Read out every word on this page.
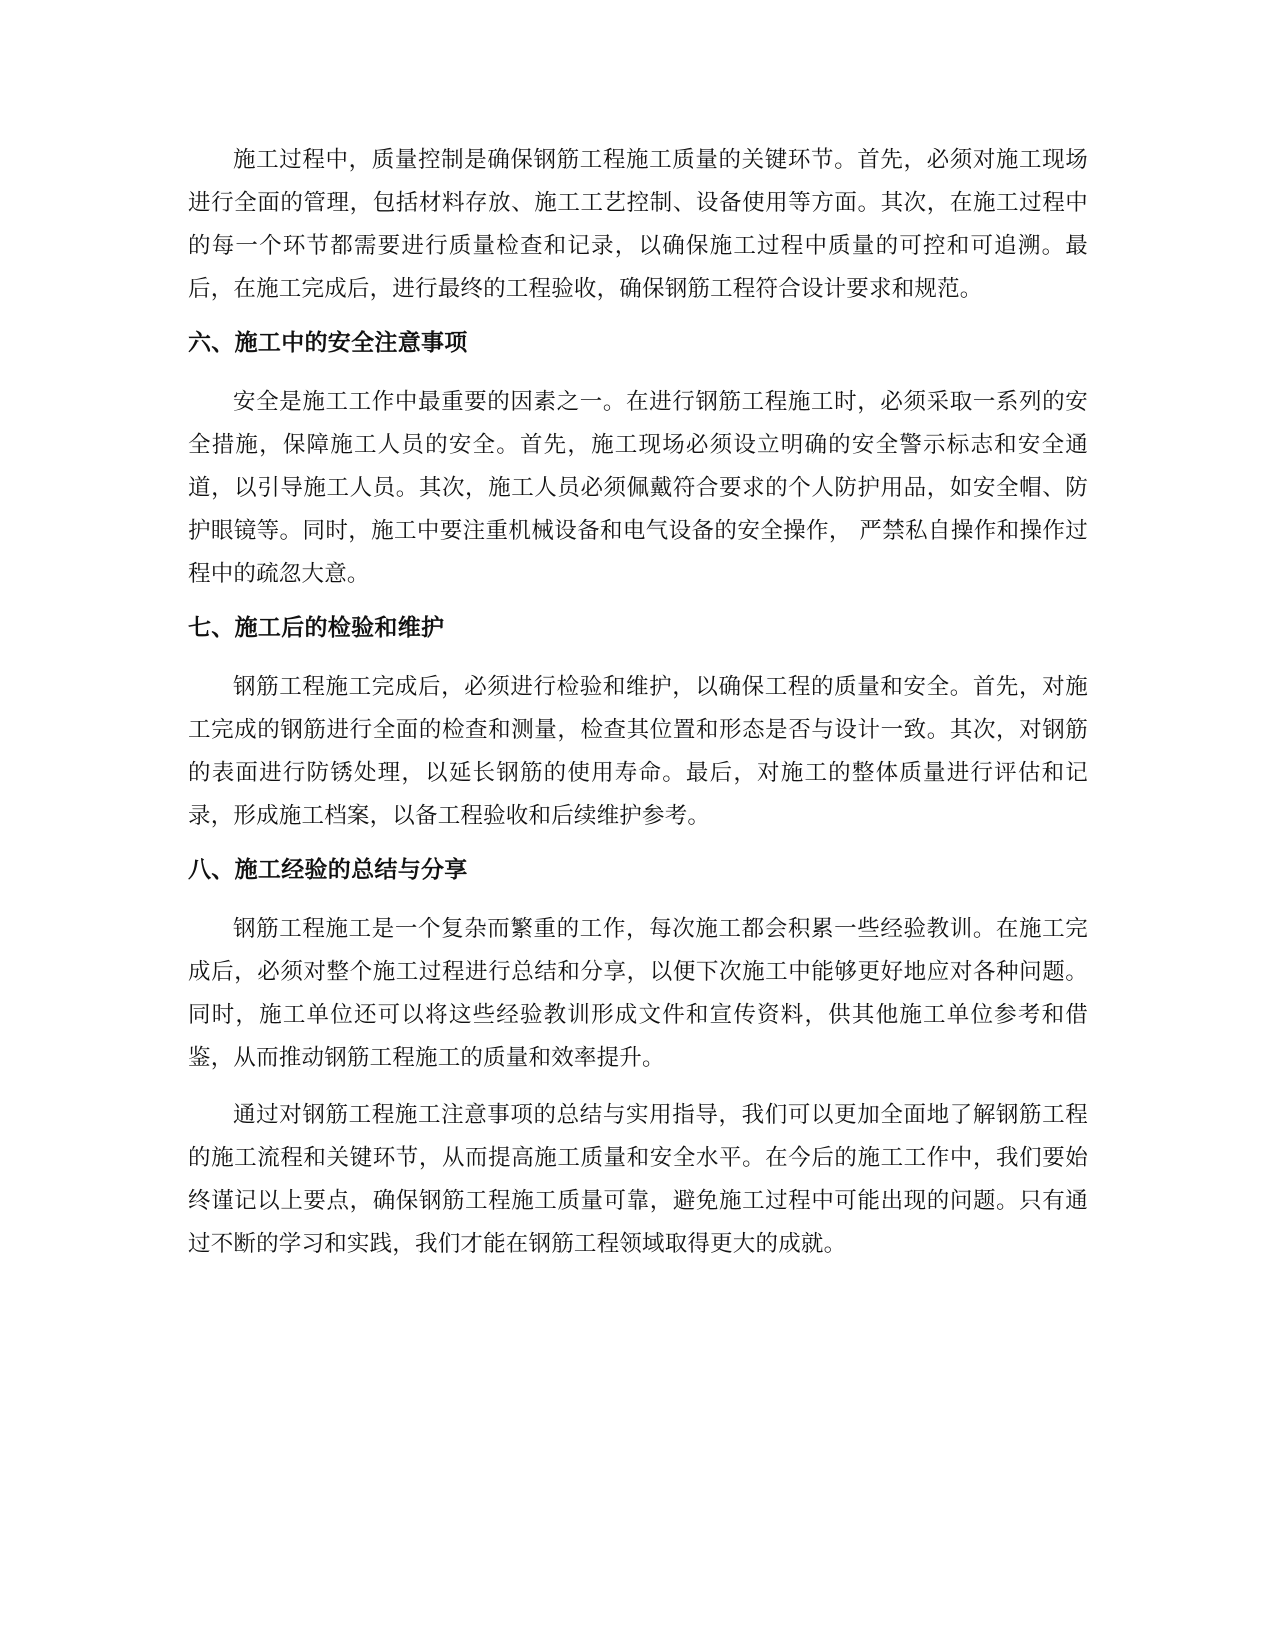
施工过程中，质量控制是确保钢筋工程施工质量的关键环节。首先，必须对施工现场进行全面的管理，包括材料存放、施工工艺控制、设备使用等方面。其次，在施工过程中的每一个环节都需要进行质量检查和记录，以确保施工过程中质量的可控和可追溯。最后，在施工完成后，进行最终的工程验收，确保钢筋工程符合设计要求和规范。

六、施工中的安全注意事项

安全是施工工作中最重要的因素之一。在进行钢筋工程施工时，必须采取一系列的安全措施，保障施工人员的安全。首先，施工现场必须设立明确的安全警示标志和安全通道，以引导施工人员。其次，施工人员必须佩戴符合要求的个人防护用品，如安全帽、防护眼镜等。同时，施工中要注重机械设备和电气设备的安全操作， 严禁私自操作和操作过程中的疏忽大意。

七、施工后的检验和维护

钢筋工程施工完成后，必须进行检验和维护，以确保工程的质量和安全。首先，对施工完成的钢筋进行全面的检查和测量，检查其位置和形态是否与设计一致。其次，对钢筋的表面进行防锈处理，以延长钢筋的使用寿命。最后，对施工的整体质量进行评估和记录，形成施工档案，以备工程验收和后续维护参考。

八、施工经验的总结与分享

钢筋工程施工是一个复杂而繁重的工作，每次施工都会积累一些经验教训。在施工完成后，必须对整个施工过程进行总结和分享，以便下次施工中能够更好地应对各种问题。同时，施工单位还可以将这些经验教训形成文件和宣传资料，供其他施工单位参考和借鉴，从而推动钢筋工程施工的质量和效率提升。

通过对钢筋工程施工注意事项的总结与实用指导，我们可以更加全面地了解钢筋工程的施工流程和关键环节，从而提高施工质量和安全水平。在今后的施工工作中，我们要始终谨记以上要点，确保钢筋工程施工质量可靠，避免施工过程中可能出现的问题。只有通过不断的学习和实践，我们才能在钢筋工程领域取得更大的成就。
